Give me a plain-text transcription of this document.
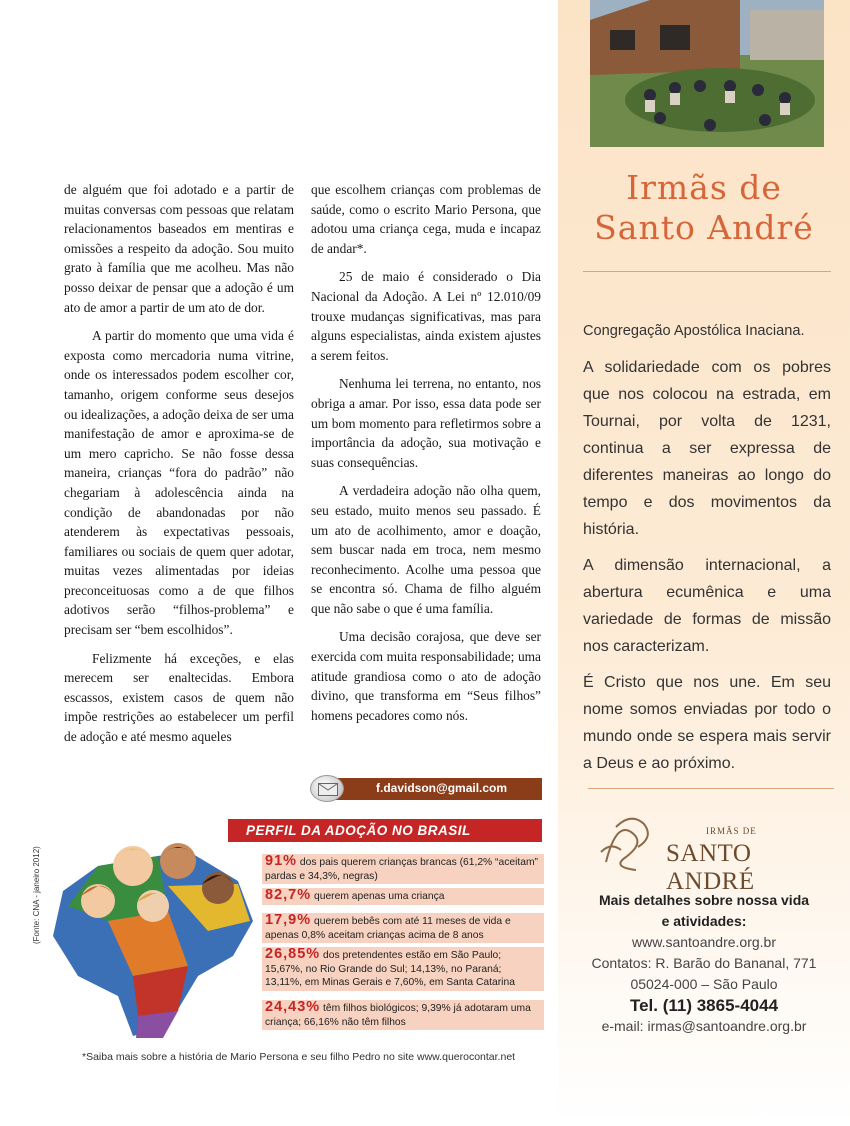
de alguém que foi adotado e a partir de muitas conversas com pessoas que relatam relacionamentos baseados em mentiras e omissões a respeito da adoção. Sou muito grato à família que me acolheu. Mas não posso deixar de pensar que a adoção é um ato de amor a partir de um ato de dor.

A partir do momento que uma vida é exposta como mercadoria numa vitrine, onde os interessados podem escolher cor, tamanho, origem conforme seus desejos ou idealizações, a adoção deixa de ser uma manifestação de amor e aproxima-se de um mero capricho. Se não fosse dessa maneira, crianças “fora do padrão” não chegariam à adolescência ainda na condição de abandonadas por não atenderem às expectativas pessoais, familiares ou sociais de quem quer adotar, muitas vezes alimentadas por ideias preconceituosas como a de que filhos adotivos serão “filhos-problema” e precisam ser “bem escolhidos”.

Felizmente há exceções, e elas merecem ser enaltecidas. Embora escassos, existem casos de quem não impõe restrições ao estabelecer um perfil de adoção e até mesmo aqueles

que escolhem crianças com problemas de saúde, como o escrito Mario Persona, que adotou uma criança cega, muda e incapaz de andar*.

25 de maio é considerado o Dia Nacional da Adoção. A Lei nº 12.010/09 trouxe mudanças significativas, mas para alguns especialistas, ainda existem ajustes a serem feitos.

Nenhuma lei terrena, no entanto, nos obriga a amar. Por isso, essa data pode ser um bom momento para refletirmos sobre a importância da adoção, sua motivação e suas consequências.

A verdadeira adoção não olha quem, seu estado, muito menos seu passado. É um ato de acolhimento, amor e doação, sem buscar nada em troca, nem mesmo reconhecimento. Acolhe uma pessoa que se encontra só. Chama de filho alguém que não sabe o que é uma família.

Uma decisão corajosa, que deve ser exercida com muita responsabilidade; uma atitude grandiosa como o ato de adoção divino, que transforma em “Seus filhos” homens pecadores como nós.

f.davidson@gmail.com
PERFIL DA ADOÇÃO NO BRASIL
(Fonte: CNA - janeiro 2012)	91% dos pais querem crianças brancas (61,2% “aceitam” pardas e 34,3%, negras)
82,7% querem apenas uma criança
17,9% querem bebês com até 11 meses de vida e apenas 0,8% aceitam crianças acima de 8 anos
26,85% dos pretendentes estão em São Paulo; 15,67%, no Rio Grande do Sul; 14,13%, no Paraná; 13,11%, em Minas Gerais e 7,60%, em Santa Catarina
24,43% têm filhos biológicos; 9,39% já adotaram uma criança; 66,16% não têm filhos
*Saiba mais sobre a história de Mario Persona e seu filho Pedro no site www.querocontar.net
Irmãs de
Santo André

Congregação Apostólica Inaciana.

A solidariedade com os pobres que nos colocou na estrada, em Tournai, por volta de 1231, continua a ser expressa de diferentes maneiras ao longo do tempo e dos movimentos da história.

A dimensão internacional, a abertura ecumênica e uma variedade de formas de missão nos caracterizam.

É Cristo que nos une. Em seu nome somos enviadas por todo o mundo onde se espera mais servir a Deus e ao próximo.

IRMÃS DE
SANTO ANDRÉ
Mais detalhes sobre nossa vida
e atividades:
www.santoandre.org.br
Contatos: R. Barão do Bananal, 771
05024-000 – São Paulo
Tel. (11) 3865-4044
e-mail: irmas@santoandre.org.br
